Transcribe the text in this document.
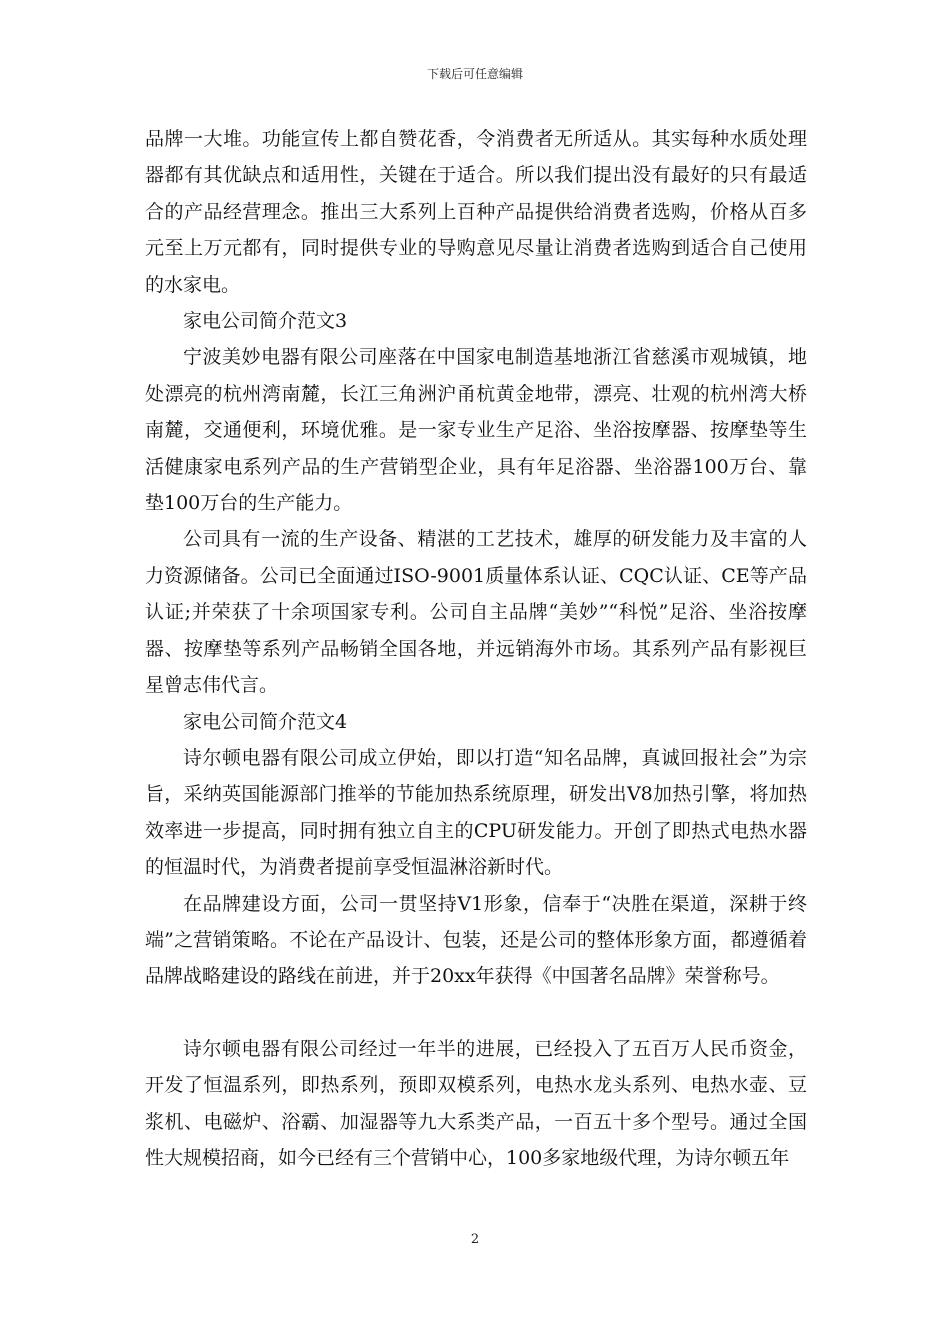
下载后可任意编辑

品牌一大堆。功能宣传上都自赞花香，令消费者无所适从。其实每种水质处理器都有其优缺点和适用性，关键在于适合。所以我们提出没有最好的只有最适合的产品经营理念。推出三大系列上百种产品提供给消费者选购，价格从百多元至上万元都有，同时提供专业的导购意见尽量让消费者选购到适合自己使用的水家电。

家电公司简介范文3

宁波美妙电器有限公司座落在中国家电制造基地浙江省慈溪市观城镇，地处漂亮的杭州湾南麓，长江三角洲沪甬杭黄金地带，漂亮、壮观的杭州湾大桥南麓，交通便利，环境优雅。是一家专业生产足浴、坐浴按摩器、按摩垫等生活健康家电系列产品的生产营销型企业，具有年足浴器、坐浴器100万台、靠垫100万台的生产能力。

公司具有一流的生产设备、精湛的工艺技术，雄厚的研发能力及丰富的人力资源储备。公司已全面通过ISO-9001质量体系认证、CQC认证、CE等产品认证;并荣获了十余项国家专利。公司自主品牌“美妙”“科悦”足浴、坐浴按摩器、按摩垫等系列产品畅销全国各地，并远销海外市场。其系列产品有影视巨星曾志伟代言。

家电公司简介范文4

诗尔顿电器有限公司成立伊始，即以打造“知名品牌，真诚回报社会”为宗旨，采纳英国能源部门推举的节能加热系统原理，研发出V8加热引擎，将加热效率进一步提高，同时拥有独立自主的CPU研发能力。开创了即热式电热水器的恒温时代，为消费者提前享受恒温淋浴新时代。

在品牌建设方面，公司一贯坚持V1形象，信奉于“决胜在渠道，深耕于终端”之营销策略。不论在产品设计、包装，还是公司的整体形象方面，都遵循着品牌战略建设的路线在前进，并于20xx年获得《中国著名品牌》荣誉称号。

诗尔顿电器有限公司经过一年半的进展，已经投入了五百万人民币资金，开发了恒温系列，即热系列，预即双模系列，电热水龙头系列、电热水壶、豆浆机、电磁炉、浴霸、加湿器等九大系类产品，一百五十多个型号。通过全国性大规模招商，如今已经有三个营销中心，100多家地级代理，为诗尔顿五年

2
